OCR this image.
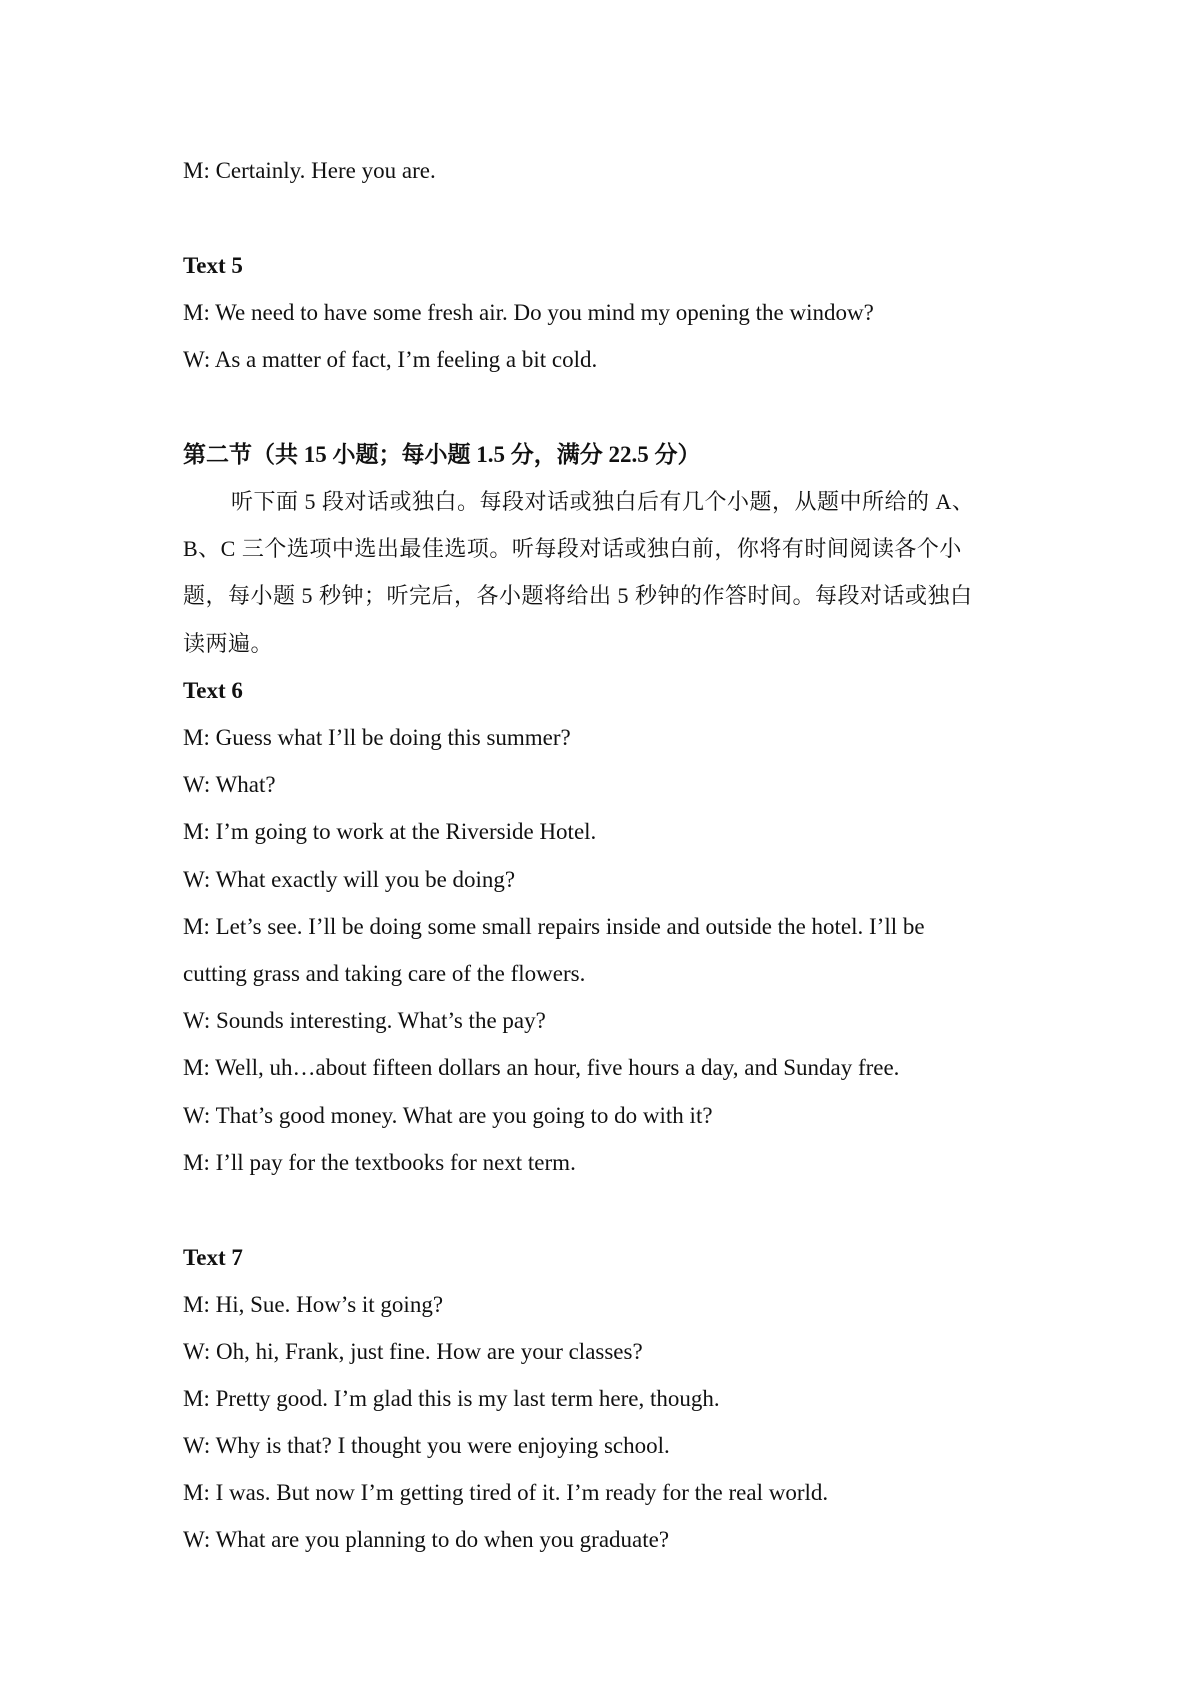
M: Certainly. Here you are.

Text 5

M: We need to have some fresh air. Do you mind my opening the window?

W: As a matter of fact, I’m feeling a bit cold.

第二节（共 15 小题；每小题 1.5 分，满分 22.5 分）

听下面 5 段对话或独白。每段对话或独白后有几个小题，从题中所给的 A、

B、C 三个选项中选出最佳选项。听每段对话或独白前，你将有时间阅读各个小

题，每小题 5 秒钟；听完后，各小题将给出 5 秒钟的作答时间。每段对话或独白

读两遍。

Text 6

M: Guess what I’ll be doing this summer?

W: What?

M: I’m going to work at the Riverside Hotel.

W: What exactly will you be doing?

M: Let’s see. I’ll be doing some small repairs inside and outside the hotel. I’ll be

cutting grass and taking care of the flowers.

W: Sounds interesting. What’s the pay?

M: Well, uh…about fifteen dollars an hour, five hours a day, and Sunday free.

W: That’s good money. What are you going to do with it?

M: I’ll pay for the textbooks for next term.

Text 7

M: Hi, Sue. How’s it going?

W: Oh, hi, Frank, just fine. How are your classes?

M: Pretty good. I’m glad this is my last term here, though.

W: Why is that? I thought you were enjoying school.

M: I was. But now I’m getting tired of it. I’m ready for the real world.

W: What are you planning to do when you graduate?
